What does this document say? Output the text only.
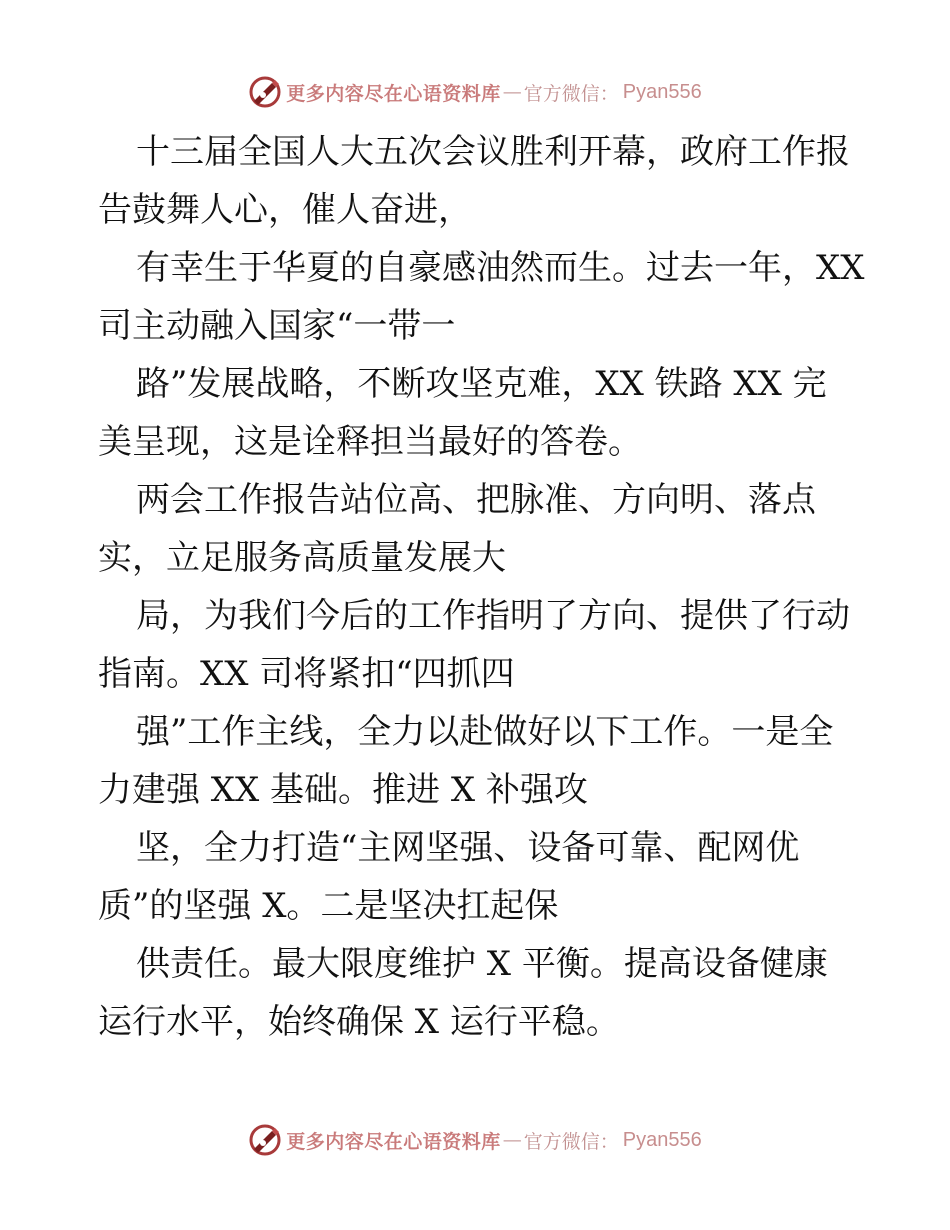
更多内容尽在心语资料库 — 官方微信： Pyan556
十三届全国人大五次会议胜利开幕，政府工作报
告鼓舞人心，催人奋进，
有幸生于华夏的自豪感油然而生。过去一年，XX
司主动融入国家“一带一
路”发展战略，不断攻坚克难，XX 铁路 XX 完
美呈现，这是诠释担当最好的答卷。
两会工作报告站位高、把脉准、方向明、落点
实，立足服务高质量发展大
局，为我们今后的工作指明了方向、提供了行动
指南。XX 司将紧扣“四抓四
强”工作主线，全力以赴做好以下工作。一是全
力建强 XX 基础。推进 X 补强攻
坚，全力打造“主网坚强、设备可靠、配网优
质”的坚强 X。二是坚决扛起保
供责任。最大限度维护 X 平衡。提高设备健康
运行水平，始终确保 X 运行平稳。
更多内容尽在心语资料库 — 官方微信： Pyan556
